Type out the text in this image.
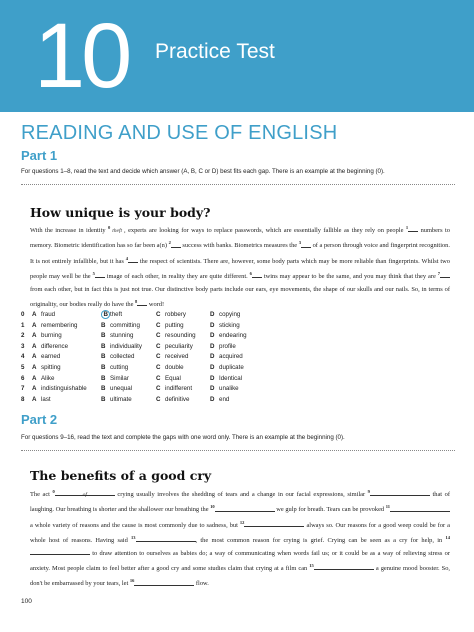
10 Practice Test
READING AND USE OF ENGLISH
Part 1
For questions 1–8, read the text and decide which answer (A, B, C or D) best fits each gap. There is an example at the beginning (0).
How unique is your body?
With the increase in identity $^0$theft , experts are looking for ways to replace passwords, which are essentially fallible as they rely on people $^1$ numbers to memory. Biometric identification has so far been a(n) $^2$ success with banks. Biometrics measures the $^3$ of a person through voice and fingerprint recognition. It is not entirely infallible, but it has $^4$ the respect of scientists. There are, however, some body parts which may be more reliable than fingerprints. Whilst two people may well be the $^5$ image of each other, in reality they are quite different. $^6$ twins may appear to be the same, and you may think that they are $^7$ from each other, but in fact this is just not true. Our distinctive body parts include our ears, eye movements, the shape of our skulls and our nails. So, in terms of originality, our bodies really do have the $^8$ word!
0 A fraud	B theft	C robbery	D copying
1 A remembering	B committing	C putting	D sticking
2 A burning	B stunning	C resounding D endearing
3 A difference	B individuality C peculiarity	D profile
4 A earned	B collected	C received	D acquired
5 A spitting	B cutting	C double	D duplicate
6 A Alike	B Similar	C Equal	D Identical
7 A indistinguishable B unequal	C indifferent	D unalike
8 A last	B ultimate	C definitive	D end
Part 2
For questions 9–16, read the text and complete the gaps with one word only. There is an example at the beginning (0).
The benefits of a good cry
The act $^0$of	crying usually involves the shedding of tears and a change in our facial expressions, similar $^9$	that of laughing. Our breathing is shorter and the shallower our breathing the $^{10}$	we gulp for breath. Tears can be provoked $^{11}$ a whole variety of reasons and the cause is most commonly due to sadness, but $^{12}$	always so. Our reasons for a good weep could be for a whole host of reasons. Having said $^{13}$	, the most common reason for crying is grief. Crying can be seen as a cry for help, in $^{14}$ to draw attention to ourselves as babies do; a way of communicating when words fail us; or it could be as a way of relieving stress or anxiety. Most people claim to feel better after a good cry and some studies claim that crying at a film can $^{15}$	a genuine mood booster. So, don't be embarrassed by your tears, let $^{16}$	flow.
100
